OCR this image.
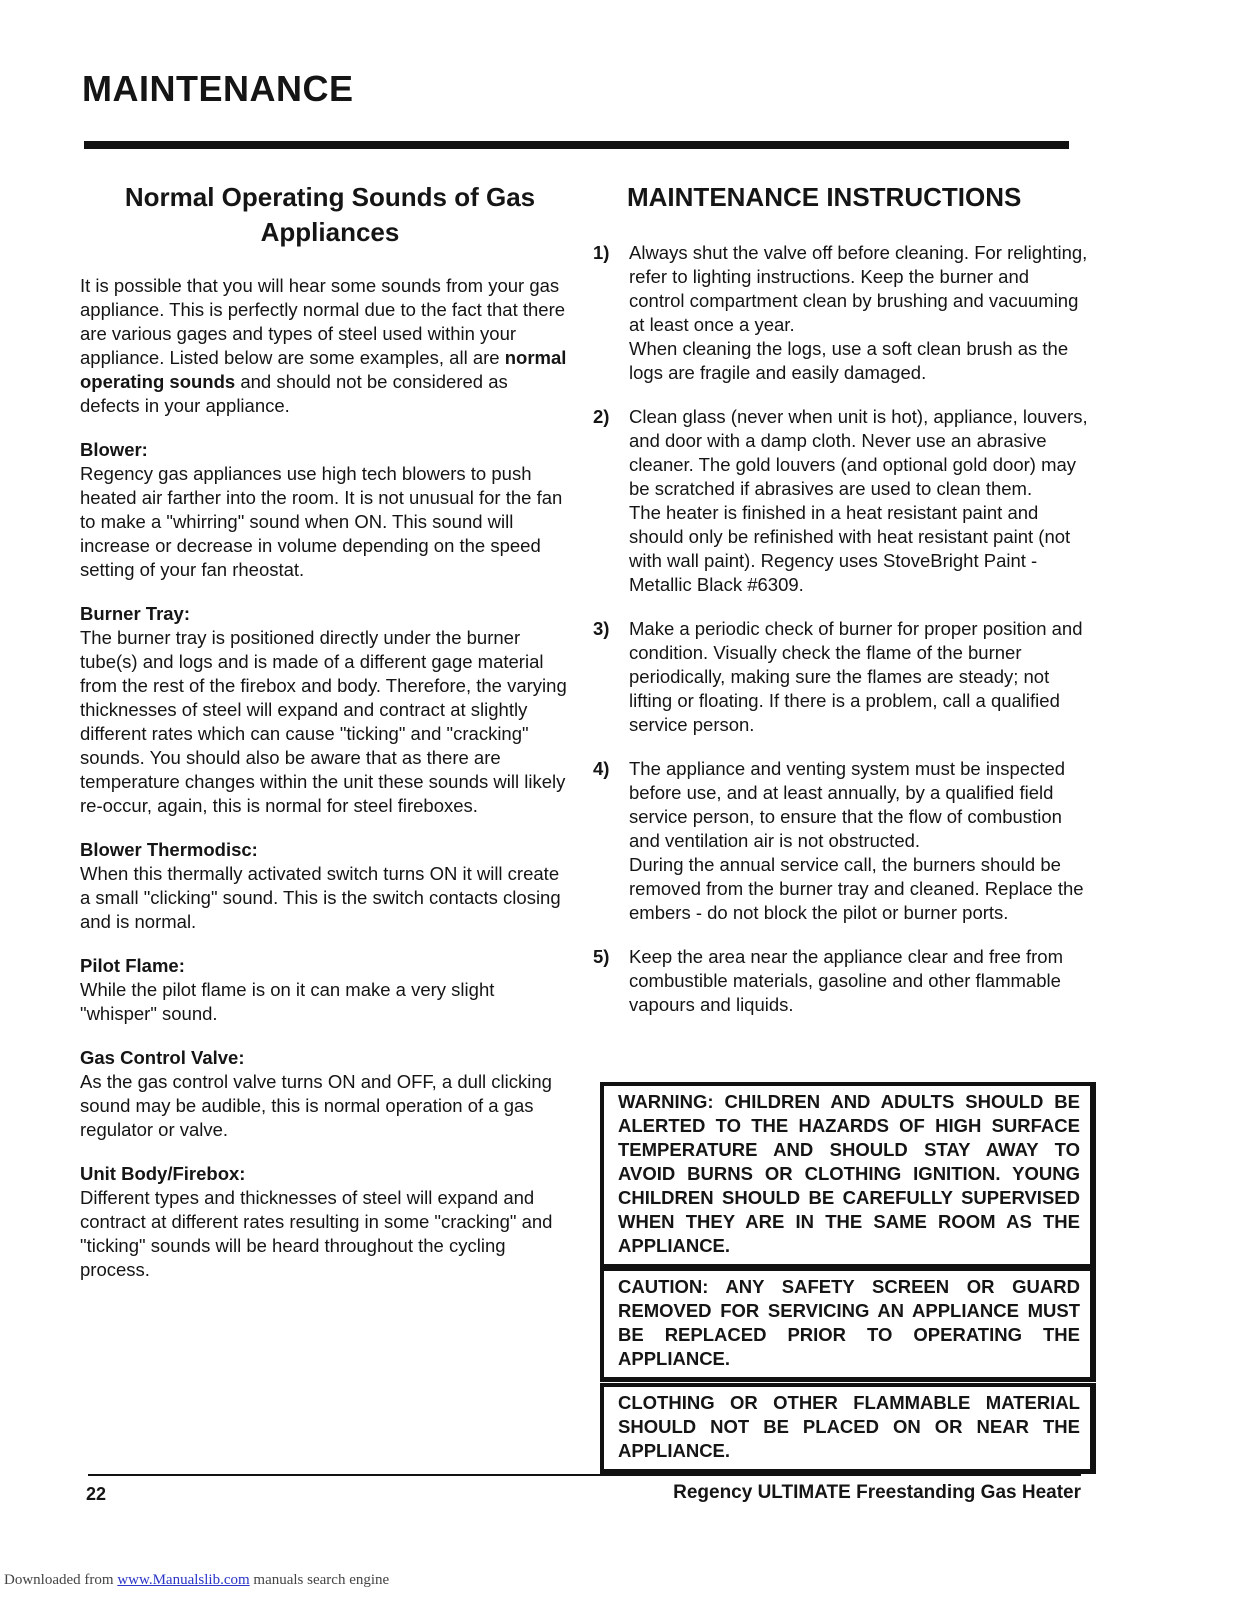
MAINTENANCE
Normal Operating Sounds of Gas Appliances

It is possible that you will hear some sounds from your gas appliance. This is perfectly normal due to the fact that there are various gages and types of steel used within your appliance. Listed below are some examples, all are normal operating sounds and should not be considered as defects in your appliance.

Blower:

Regency gas appliances use high tech blowers to push heated air farther into the room. It is not unusual for the fan to make a "whirring" sound when ON. This sound will increase or decrease in volume depending on the speed setting of your fan rheostat.

Burner Tray:

The burner tray is positioned directly under the burner tube(s) and logs and is made of a different gage material from the rest of the firebox and body. Therefore, the varying thicknesses of steel will expand and contract at slightly different rates which can cause "ticking" and "cracking" sounds. You should also be aware that as there are temperature changes within the unit these sounds will likely re-occur, again, this is normal for steel fireboxes.

Blower Thermodisc:

When this thermally activated switch turns ON it will create a small "clicking" sound. This is the switch contacts closing and is normal.

Pilot Flame:

While the pilot flame is on it can make a very slight "whisper" sound.

Gas Control Valve:

As the gas control valve turns ON and OFF, a dull clicking sound may be audible, this is normal operation of a gas regulator or valve.

Unit Body/Firebox:

Different types and thicknesses of steel will expand and contract at different rates resulting in some "cracking" and "ticking" sounds will be heard throughout the cycling process.

MAINTENANCE INSTRUCTIONS
1)	Always shut the valve off before cleaning. For relighting, refer to lighting instructions. Keep the burner and control compartment clean by brushing and vacuuming at least once a year.

When cleaning the logs, use a soft clean brush as the logs are fragile and easily damaged.

2)	Clean glass (never when unit is hot), appliance, louvers, and door with a damp cloth. Never use an abrasive cleaner. The gold louvers (and optional gold door) may be scratched if abrasives are used to clean them.

The heater is finished in a heat resistant paint and should only be refinished with heat resistant paint (not with wall paint). Regency uses StoveBright Paint - Metallic Black #6309.

3)	Make a periodic check of burner for proper position and condition. Visually check the flame of the burner periodically, making sure the flames are steady; not lifting or floating. If there is a problem, call a qualified service person.

4)	The appliance and venting system must be inspected before use, and at least annually, by a qualified field service person, to ensure that the flow of combustion and ventilation air is not obstructed.

During the annual service call, the burners should be removed from the burner tray and cleaned. Replace the embers - do not block the pilot or burner ports.

5)	Keep the area near the appliance clear and free from combustible materials, gasoline and other flammable vapours and liquids.

WARNING: CHILDREN AND ADULTS SHOULD BE ALERTED TO THE HAZARDS OF HIGH SURFACE TEMPERATURE AND SHOULD STAY AWAY TO AVOID BURNS OR CLOTHING IGNITION. YOUNG CHILDREN SHOULD BE CAREFULLY SUPERVISED WHEN THEY ARE IN THE SAME ROOM AS THE APPLIANCE.
CAUTION: ANY SAFETY SCREEN OR GUARD REMOVED FOR SERVICING AN APPLIANCE MUST BE REPLACED PRIOR TO OPERATING THE APPLIANCE.
CLOTHING OR OTHER FLAMMABLE MATERIAL SHOULD NOT BE PLACED ON OR NEAR THE APPLIANCE.
22	Regency ULTIMATE Freestanding Gas Heater
Downloaded from www.Manualslib.com manuals search engine
